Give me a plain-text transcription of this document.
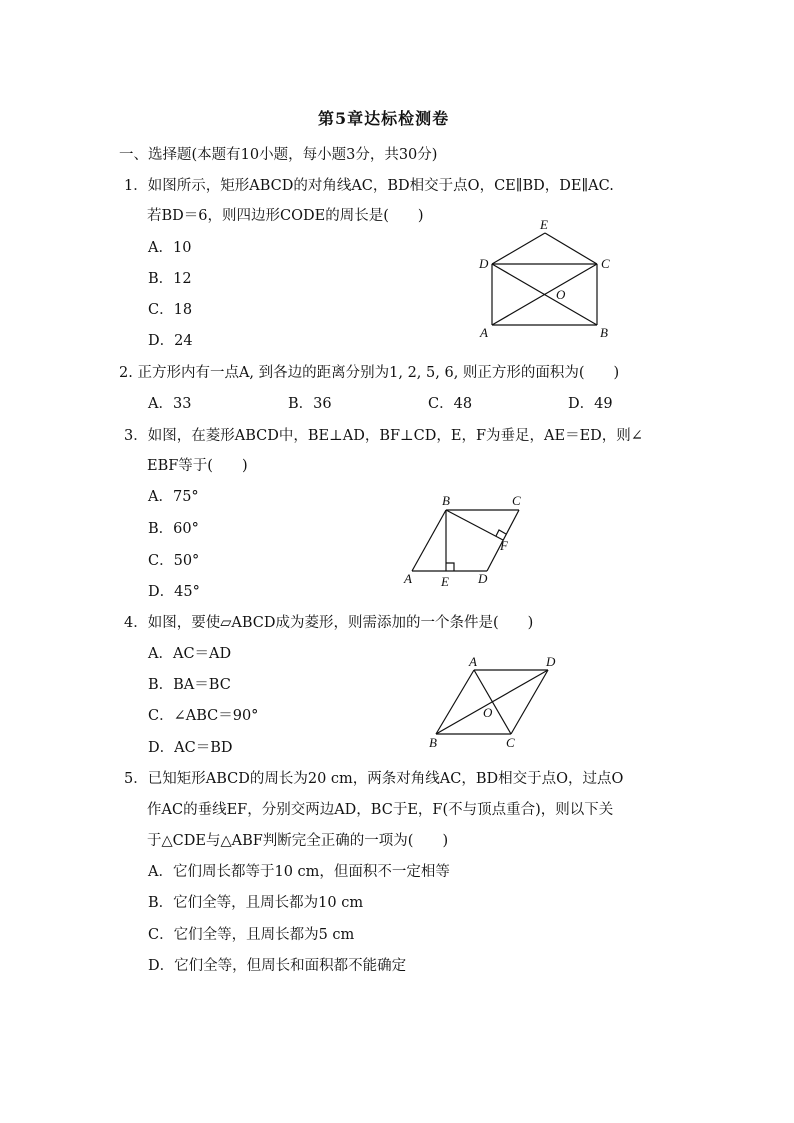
第5章达标检测卷
一、选择题(本题有10小题，每小题3分，共30分)
1．如图所示，矩形ABCD的对角线AC，BD相交于点O，CE∥BD，DE∥AC.
若BD＝6，则四边形CODE的周长是(　　)
A．10
B．12
C．18
D．24
E
D	C
O
A	B
2. 正方形内有一点A, 到各边的距离分别为1, 2, 5, 6, 则正方形的面积为(　　)
A．33	B．36	C．48	D．49
3．如图，在菱形ABCD中，BE⊥AD，BF⊥CD，E，F为垂足，AE＝ED，则∠
EBF等于(　　)
A．75°
B．60°
C．50°
D．45°
B	C
F
A E D
4．如图，要使▱ABCD成为菱形，则需添加的一个条件是(　　)
A．AC＝AD
B．BA＝BC
C．∠ABC＝90°
D．AC＝BD
A	D
O
B	C
5．已知矩形ABCD的周长为20 cm，两条对角线AC，BD相交于点O，过点O
作AC的垂线EF，分别交两边AD，BC于E，F(不与顶点重合)，则以下关
于△CDE与△ABF判断完全正确的一项为(　　)
A．它们周长都等于10 cm，但面积不一定相等
B．它们全等，且周长都为10 cm
C．它们全等，且周长都为5 cm
D．它们全等，但周长和面积都不能确定
